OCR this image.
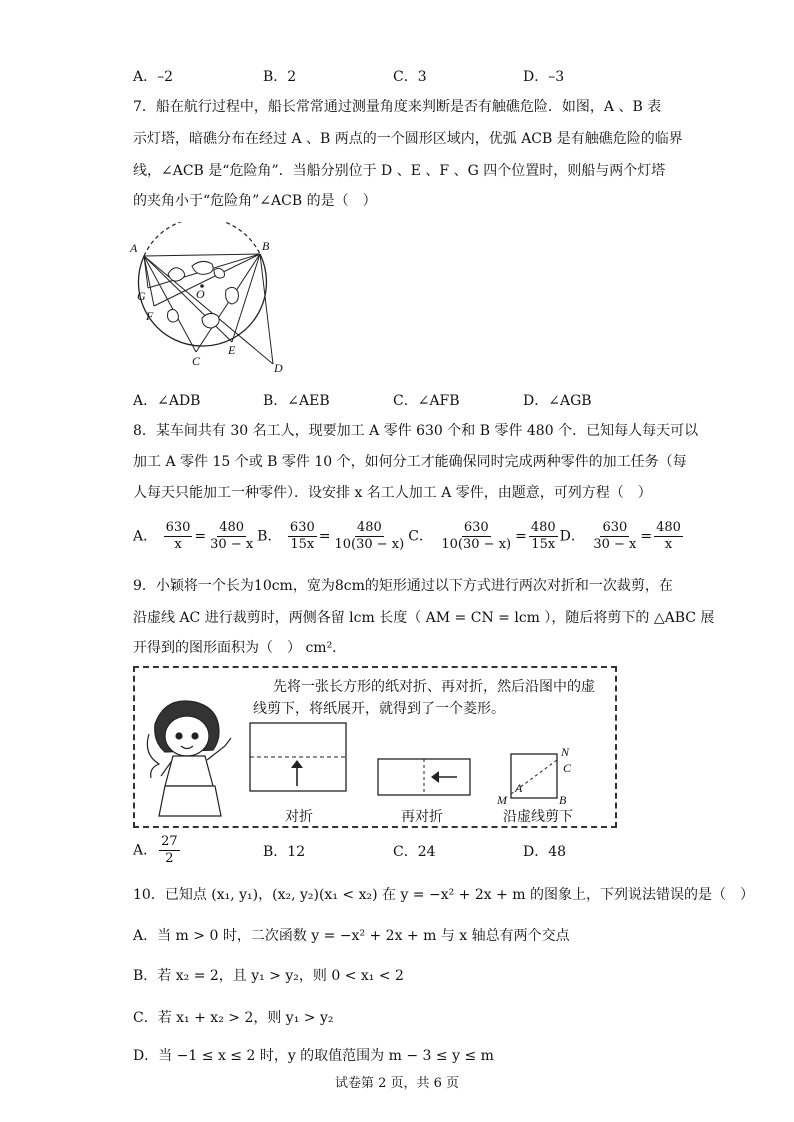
A．–2	B．2	C．3	D．–3
7．船在航行过程中，船长常常通过测量角度来判断是否有触礁危险．如图，A 、B 表
示灯塔，暗礁分布在经过 A 、B 两点的一个圆形区域内，优弧 ACB 是有触礁危险的临界
线，∠ACB 是“危险角”．当船分别位于 D 、E 、F 、G 四个位置时，则船与两个灯塔
的夹角小于“危险角”∠ACB 的是（　）
A	B
G	O
F
C
E
D
A．∠ADB	B．∠AEB	C．∠AFB	D．∠AGB
8．某车间共有 30 名工人，现要加工 A 零件 630 个和 B 零件 480 个．已知每人每天可以
加工 A 零件 15 个或 B 零件 10 个，如何分工才能确保同时完成两种零件的加工任务（每
人每天只能加工一种零件）．设安排 x 名工人加工 A 零件，由题意，可列方程（　）
A． $\frac{630}{x} = \frac{480}{30 - x}$ B． $\frac{630}{15x} = \frac{480}{10(30 - x)}$ C． $\frac{630}{10(30 - x)} = \frac{480}{15x}$ D． $\frac{630}{30 - x} = \frac{480}{x}$
9．小颖将一个长为10cm，宽为8cm的矩形通过以下方式进行两次对折和一次裁剪，在
沿虚线 AC 进行裁剪时，两侧各留 lcm 长度（ AM = CN = lcm ），随后将剪下的 △ABC 展
开得到的图形面积为（　） cm²．
先将一张长方形的纸对折、再对折，然后沿图中的虚
线剪下，将纸展开，就得到了一个菱形。
N
C
A
M	B
对折	再对折	沿虚线剪下
A． $\frac{27}{2}$	B．12	C．24	D．48
10．已知点 (x₁, y₁)，(x₂, y₂)(x₁ < x₂) 在 y = −x² + 2x + m 的图象上，下列说法错误的是（　）
A．当 m > 0 时，二次函数 y = −x² + 2x + m 与 x 轴总有两个交点
B．若 x₂ = 2，且 y₁ > y₂，则 0 < x₁ < 2
C．若 x₁ + x₂ > 2，则 y₁ > y₂
D．当 −1 ≤ x ≤ 2 时，y 的取值范围为 m − 3 ≤ y ≤ m
试卷第 2 页，共 6 页
